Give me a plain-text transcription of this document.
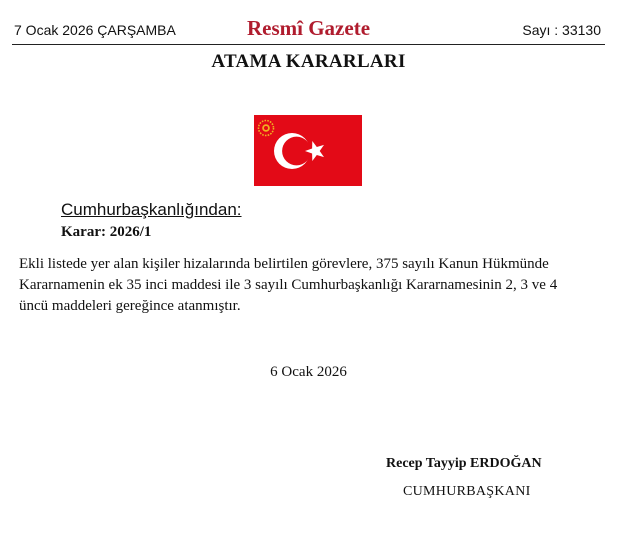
7 Ocak 2026 ÇARŞAMBA	Resmî Gazete	Sayı : 33130
ATAMA KARARLARI
Cumhurbaşkanlığından:
Karar: 2026/1
Ekli listede yer alan kişiler hizalarında belirtilen görevlere, 375 sayılı Kanun Hükmünde
Kararnamenin ek 35 inci maddesi ile 3 sayılı Cumhurbaşkanlığı Kararnamesinin 2, 3 ve 4
üncü maddeleri gereğince atanmıştır.
6 Ocak 2026
Recep Tayyip ERDOĞAN
CUMHURBAŞKANI
